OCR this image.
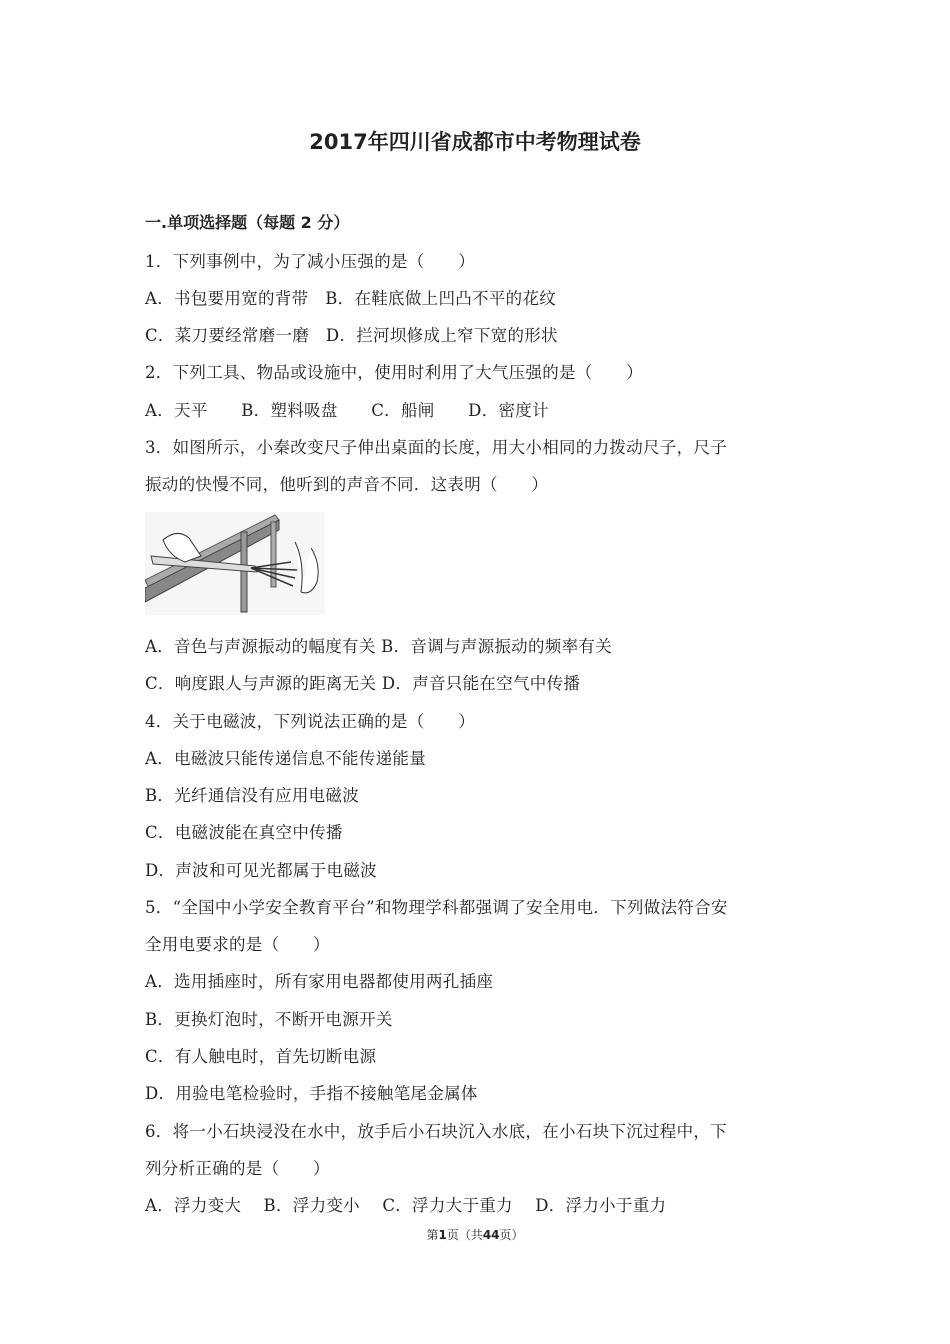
2017年四川省成都市中考物理试卷
一.单项选择题（每题 2 分）
1．下列事例中，为了减小压强的是（　　）
A．书包要用宽的背带　B．在鞋底做上凹凸不平的花纹
C．菜刀要经常磨一磨　D．拦河坝修成上窄下宽的形状
2．下列工具、物品或设施中，使用时利用了大气压强的是（　　）
A．天平　　B．塑料吸盘　　C．船闸　　D．密度计
3．如图所示，小秦改变尺子伸出桌面的长度，用大小相同的力拨动尺子，尺子
振动的快慢不同，他听到的声音不同．这表明（　　）
A．音色与声源振动的幅度有关 B．音调与声源振动的频率有关
C．响度跟人与声源的距离无关 D．声音只能在空气中传播
4．关于电磁波，下列说法正确的是（　　）
A．电磁波只能传递信息不能传递能量
B．光纤通信没有应用电磁波
C．电磁波能在真空中传播
D．声波和可见光都属于电磁波
5．“全国中小学安全教育平台”和物理学科都强调了安全用电．下列做法符合安
全用电要求的是（　　）
A．选用插座时，所有家用电器都使用两孔插座
B．更换灯泡时，不断开电源开关
C．有人触电时，首先切断电源
D．用验电笔检验时，手指不接触笔尾金属体
6．将一小石块浸没在水中，放手后小石块沉入水底，在小石块下沉过程中，下
列分析正确的是（　　）
A．浮力变大　 B．浮力变小　 C．浮力大于重力　 D．浮力小于重力
第1页（共44页）
